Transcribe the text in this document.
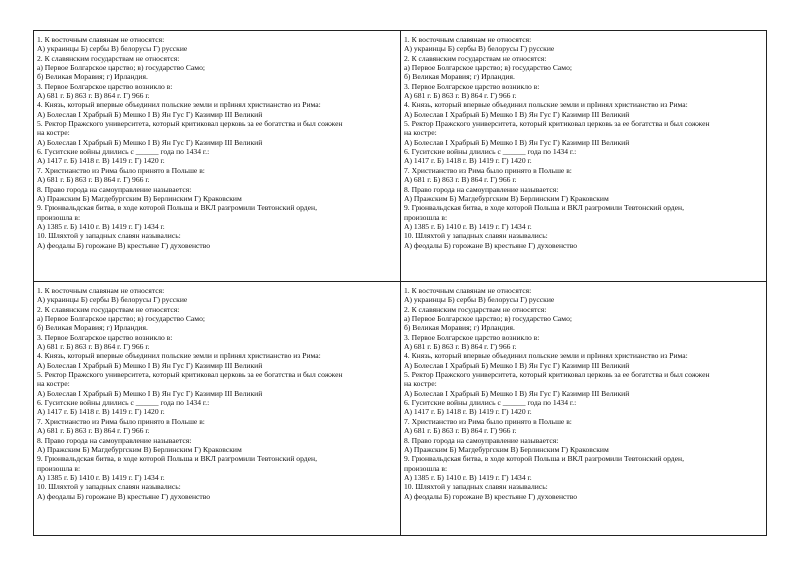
1. К восточным славянам не относятся:
А) украинцы Б) сербы В) белорусы Г) русские
2. К славянским государствам не относятся:
а) Первое Болгарское царство; в) государство Само;
б) Великая Моравия; г) Ирландия.
3. Первое Болгарское царство возникло в:
А) 681 г. Б) 863 г. В) 864 г. Г) 966 г.
4. Князь, который впервые объединил польские земли и прIинял христианство из Рима:
А) Болеслав I Храбрый Б) Мешко I В) Ян Гус Г) Казимир III Великий
5. Ректор Пражского университета, который критиковал церковь за ее богатства и был сожжен
на костре:
А) Болеслав I Храбрый Б) Мешко I В) Ян Гус Г) Казимир III Великий
6. Гуситские войны длились с ______ года по 1434 г.:
А) 1417 г. Б) 1418 г. В) 1419 г. Г) 1420 г.
7. Христианство из Рима было принято в Польше в:
А) 681 г. Б) 863 г. В) 864 г. Г) 966 г.
8. Право города на самоуправление называется:
А) Пражским Б) Магдебургским В) Берлинским Г) Краковским
9. Грюнвальдская битва, в ходе которой Польша и ВКЛ разгромили Тевтонский орден,
произошла в:
А) 1385 г. Б) 1410 г. В) 1419 г. Г) 1434 г.
10. Шляхтой у западных славян назывались:
А) феодалы Б) горожане В) крестьяне Г) духовенство
1. К восточным славянам не относятся:
А) украинцы Б) сербы В) белорусы Г) русские
2. К славянским государствам не относятся:
а) Первое Болгарское царство; в) государство Само;
б) Великая Моравия; г) Ирландия.
3. Первое Болгарское царство возникло в:
А) 681 г. Б) 863 г. В) 864 г. Г) 966 г.
4. Князь, который впервые объединил польские земли и прIинял христианство из Рима:
А) Болеслав I Храбрый Б) Мешко I В) Ян Гус Г) Казимир III Великий
5. Ректор Пражского университета, который критиковал церковь за ее богатства и был сожжен
на костре:
А) Болеслав I Храбрый Б) Мешко I В) Ян Гус Г) Казимир III Великий
6. Гуситские войны длились с ______ года по 1434 г.:
А) 1417 г. Б) 1418 г. В) 1419 г. Г) 1420 г.
7. Христианство из Рима было принято в Польше в:
А) 681 г. Б) 863 г. В) 864 г. Г) 966 г.
8. Право города на самоуправление называется:
А) Пражским Б) Магдебургским В) Берлинским Г) Краковским
9. Грюнвальдская битва, в ходе которой Польша и ВКЛ разгромили Тевтонский орден,
произошла в:
А) 1385 г. Б) 1410 г. В) 1419 г. Г) 1434 г.
10. Шляхтой у западных славян назывались:
А) феодалы Б) горожане В) крестьяне Г) духовенство
1. К восточным славянам не относятся:
А) украинцы Б) сербы В) белорусы Г) русские
2. К славянским государствам не относятся:
а) Первое Болгарское царство; в) государство Само;
б) Великая Моравия; г) Ирландия.
3. Первое Болгарское царство возникло в:
А) 681 г. Б) 863 г. В) 864 г. Г) 966 г.
4. Князь, который впервые объединил польские земли и прIинял христианство из Рима:
А) Болеслав I Храбрый Б) Мешко I В) Ян Гус Г) Казимир III Великий
5. Ректор Пражского университета, который критиковал церковь за ее богатства и был сожжен
на костре:
А) Болеслав I Храбрый Б) Мешко I В) Ян Гус Г) Казимир III Великий
6. Гуситские войны длились с ______ года по 1434 г.:
А) 1417 г. Б) 1418 г. В) 1419 г. Г) 1420 г.
7. Христианство из Рима было принято в Польше в:
А) 681 г. Б) 863 г. В) 864 г. Г) 966 г.
8. Право города на самоуправление называется:
А) Пражским Б) Магдебургским В) Берлинским Г) Краковским
9. Грюнвальдская битва, в ходе которой Польша и ВКЛ разгромили Тевтонский орден,
произошла в:
А) 1385 г. Б) 1410 г. В) 1419 г. Г) 1434 г.
10. Шляхтой у западных славян назывались:
А) феодалы Б) горожане В) крестьяне Г) духовенство
1. К восточным славянам не относятся:
А) украинцы Б) сербы В) белорусы Г) русские
2. К славянским государствам не относятся:
а) Первое Болгарское царство; в) государство Само;
б) Великая Моравия; г) Ирландия.
3. Первое Болгарское царство возникло в:
А) 681 г. Б) 863 г. В) 864 г. Г) 966 г.
4. Князь, который впервые объединил польские земли и прIинял христианство из Рима:
А) Болеслав I Храбрый Б) Мешко I В) Ян Гус Г) Казимир III Великий
5. Ректор Пражского университета, который критиковал церковь за ее богатства и был сожжен
на костре:
А) Болеслав I Храбрый Б) Мешко I В) Ян Гус Г) Казимир III Великий
6. Гуситские войны длились с ______ года по 1434 г.:
А) 1417 г. Б) 1418 г. В) 1419 г. Г) 1420 г.
7. Христианство из Рима было принято в Польше в:
А) 681 г. Б) 863 г. В) 864 г. Г) 966 г.
8. Право города на самоуправление называется:
А) Пражским Б) Магдебургским В) Берлинским Г) Краковским
9. Грюнвальдская битва, в ходе которой Польша и ВКЛ разгромили Тевтонский орден,
произошла в:
А) 1385 г. Б) 1410 г. В) 1419 г. Г) 1434 г.
10. Шляхтой у западных славян назывались:
А) феодалы Б) горожане В) крестьяне Г) духовенство
